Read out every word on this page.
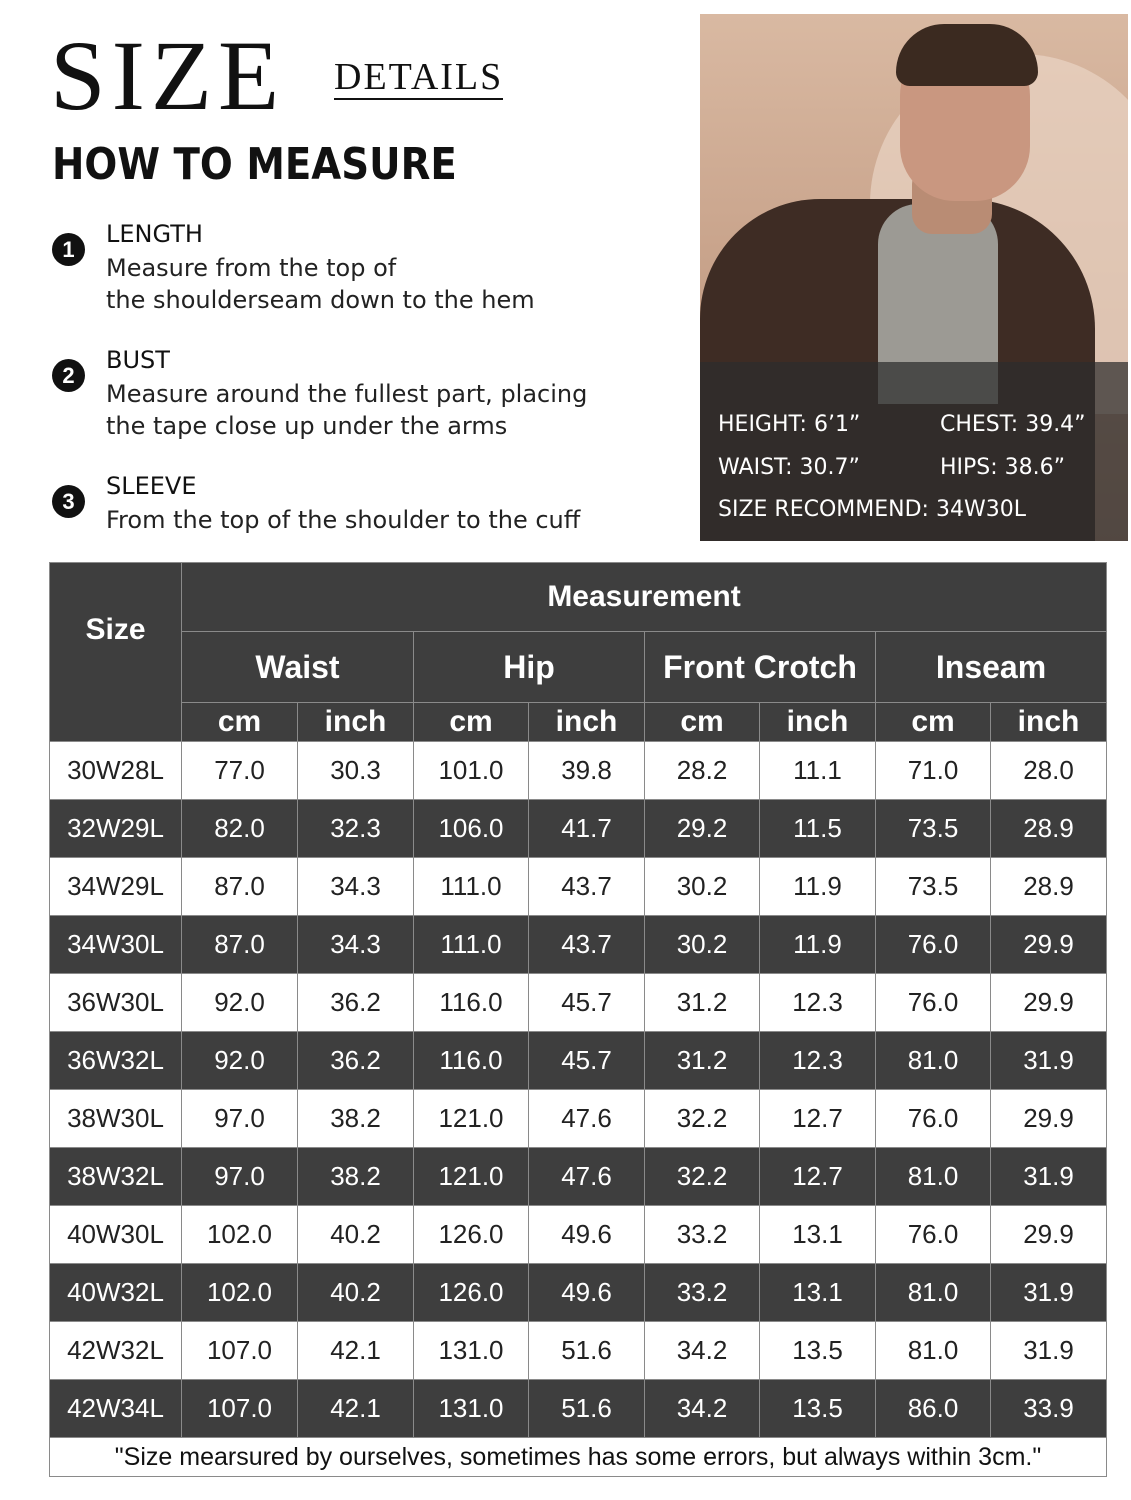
SIZE DETAILS
HOW TO MEASURE
1
LENGTH
Measure from the top of
the shoulderseam down to the hem
2
BUST
Measure around the fullest part, placing
the tape close up under the arms
3
SLEEVE
From the top of the shoulder to the cuff
HEIGHT: 6’1”	CHEST: 39.4”
WAIST: 30.7”	HIPS: 38.6”
SIZE RECOMMEND: 34W30L
Size	Measurement							
	Waist		Hip		Front Crotch		Inseam	
	cm	inch	cm	inch	cm	inch	cm	inch
30W28L	77.0	30.3	101.0	39.8	28.2	11.1	71.0	28.0
32W29L	82.0	32.3	106.0	41.7	29.2	11.5	73.5	28.9
34W29L	87.0	34.3	111.0	43.7	30.2	11.9	73.5	28.9
34W30L	87.0	34.3	111.0	43.7	30.2	11.9	76.0	29.9
36W30L	92.0	36.2	116.0	45.7	31.2	12.3	76.0	29.9
36W32L	92.0	36.2	116.0	45.7	31.2	12.3	81.0	31.9
38W30L	97.0	38.2	121.0	47.6	32.2	12.7	76.0	29.9
38W32L	97.0	38.2	121.0	47.6	32.2	12.7	81.0	31.9
40W30L	102.0	40.2	126.0	49.6	33.2	13.1	76.0	29.9
40W32L	102.0	40.2	126.0	49.6	33.2	13.1	81.0	31.9
42W32L	107.0	42.1	131.0	51.6	34.2	13.5	81.0	31.9
42W34L	107.0	42.1	131.0	51.6	34.2	13.5	86.0	33.9
"Size mearsured by ourselves, sometimes has some errors, but always within 3cm."								
